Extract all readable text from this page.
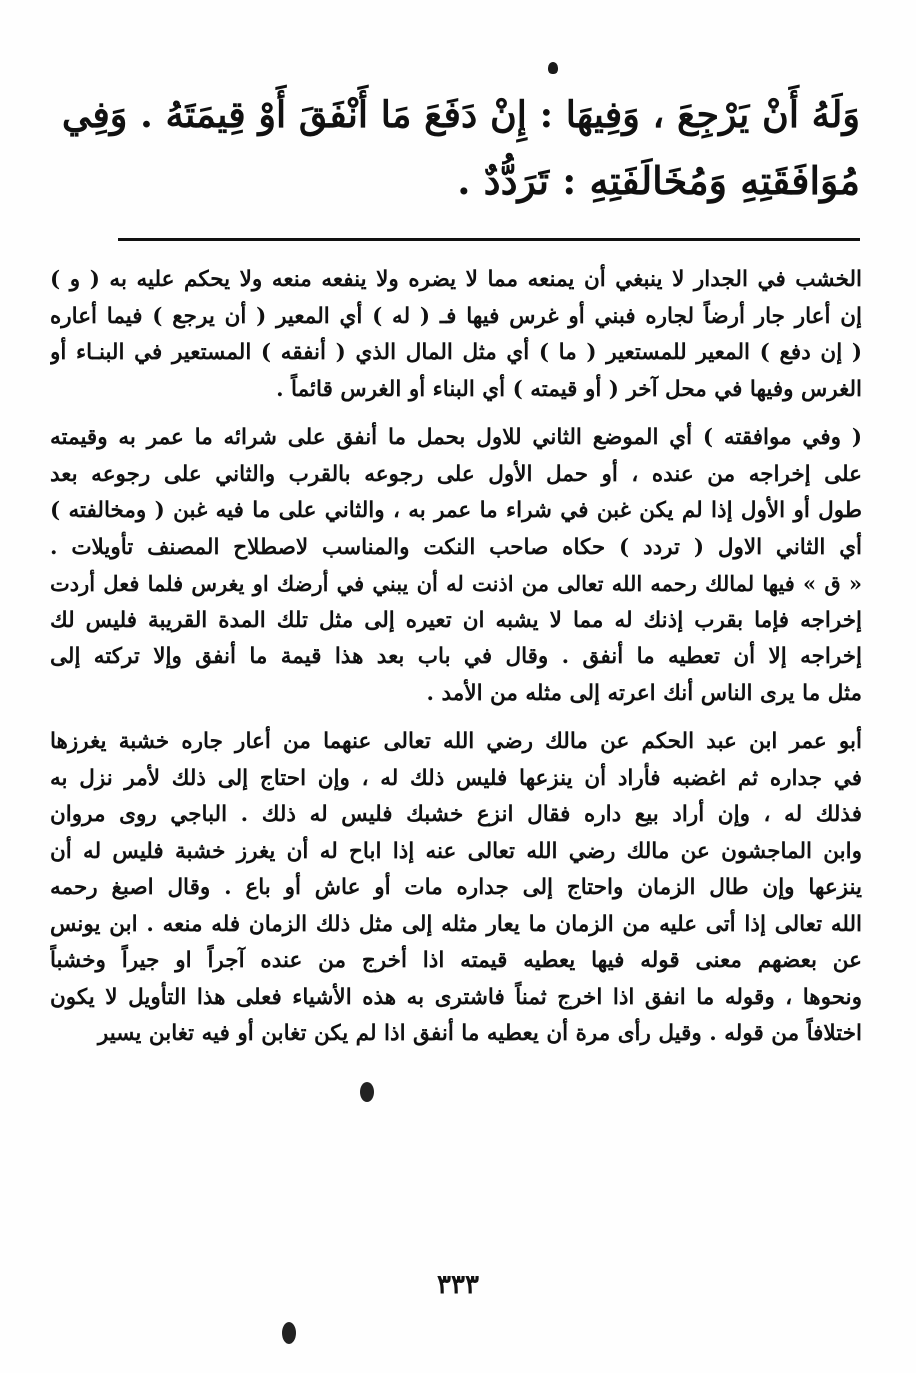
وَلَهُ أَنْ يَرْجِعَ ، وَفِيهَا : إِنْ دَفَعَ مَا أَنْفَقَ أَوْ قِيمَتَهُ . وَفِي
مُوَافَقَتِهِ وَمُخَالَفَتِهِ : تَرَدُّدٌ .
الخشب في الجدار لا ينبغي أن يمنعه مما لا يضره ولا ينفعه منعه ولا يحكم عليه به ( و )
إن أعار جار أرضاً لجاره فبني أو غرس فيها فـ ( له ) أي المعير ( أن يرجع ) فيما أعاره
( إن دفع ) المعير للمستعير ( ما ) أي مثل المال الذي ( أنفقه ) المستعير في البنـاء أو
الغرس وفيها في محل آخر ( أو قيمته ) أي البناء أو الغرس قائماً .
( وفي موافقته ) أي الموضع الثاني للاول بحمل ما أنفق على شرائه ما عمر به وقيمته
على إخراجه من عنده ، أو حمل الأول على رجوعه بالقرب والثاني على رجوعه بعد
طول أو الأول إذا لم يكن غبن في شراء ما عمر به ، والثاني على ما فيه غبن ( ومخالفته )
أي الثاني الاول ( تردد ) حكاه صاحب النكت والمناسب لاصطلاح المصنف تأويلات .
« ق » فيها لمالك رحمه الله تعالى من اذنت له أن يبني في أرضك او يغرس فلما فعل أردت
إخراجه فإما بقرب إذنك له مما لا يشبه ان تعيره إلى مثل تلك المدة القريبة فليس لك
إخراجه إلا أن تعطيه ما أنفق . وقال في باب بعد هذا قيمة ما أنفق وإلا تركته إلى
مثل ما يرى الناس أنك اعرته إلى مثله من الأمد .
أبو عمر ابن عبد الحكم عن مالك رضي الله تعالى عنهما من أعار جاره خشبة يغرزها
في جداره ثم اغضبه فأراد أن ينزعها فليس ذلك له ، وإن احتاج إلى ذلك لأمر نزل به
فذلك له ، وإن أراد بيع داره فقال انزع خشبك فليس له ذلك . الباجي روى مروان
وابن الماجشون عن مالك رضي الله تعالى عنه إذا اباح له أن يغرز خشبة فليس له أن
ينزعها وإن طال الزمان واحتاج إلى جداره مات أو عاش أو باع . وقال اصبغ رحمه
الله تعالى إذا أتى عليه من الزمان ما يعار مثله إلى مثل ذلك الزمان فله منعه . ابن يونس
عن بعضهم معنى قوله فيها يعطيه قيمته اذا أخرج من عنده آجراً او جيراً وخشباً
ونحوها ، وقوله ما انفق اذا اخرج ثمناً فاشترى به هذه الأشياء فعلى هذا التأويل لا يكون
اختلافاً من قوله . وقيل رأى مرة أن يعطيه ما أنفق اذا لم يكن تغابن أو فيه تغابن يسير
٣٣٣
